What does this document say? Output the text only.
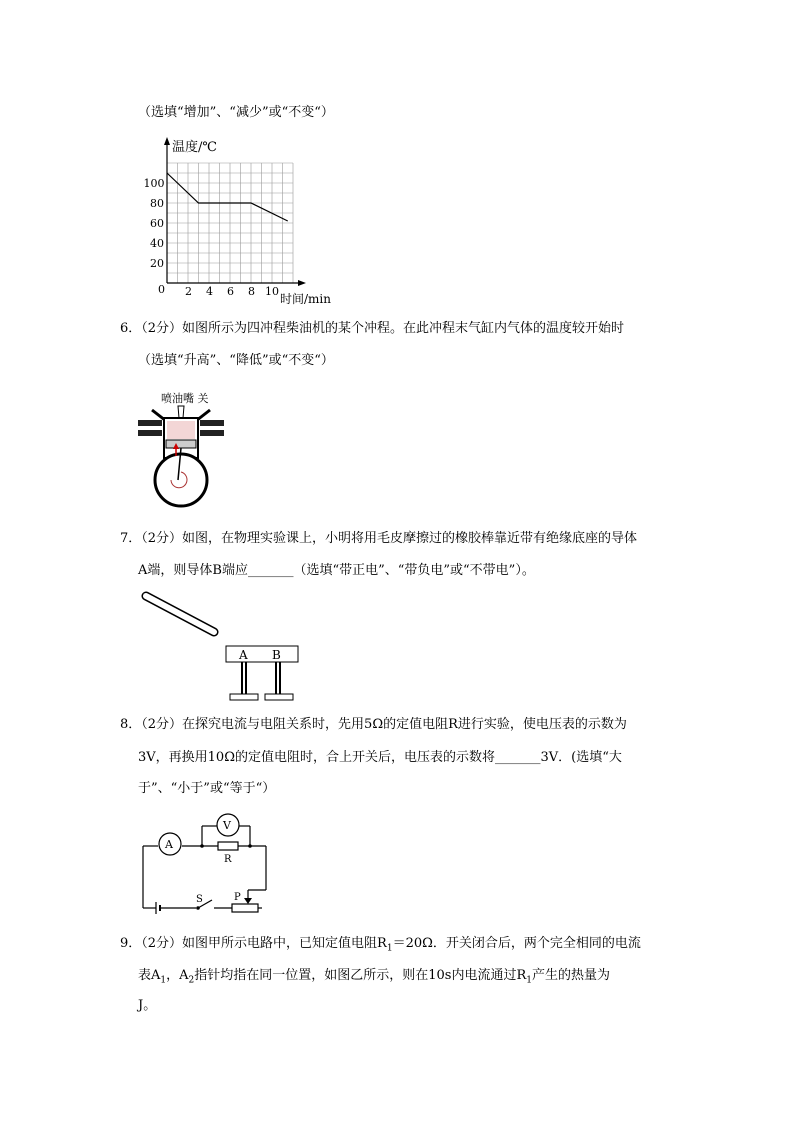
（选填“增加”、“减少”或“不变“）
温度/℃
时间/min
0 2 4 6 8 10
20
40
60
80
100
6．（2分）如图所示为四冲程柴油机的某个冲程。在此冲程末气缸内气体的温度较开始时
（选填“升高”、“降低”或“不变“）
喷油嘴 关
7．（2分）如图，在物理实验课上，小明将用毛皮摩擦过的橡胶棒靠近带有绝缘底座的导体
A端，则导体B端应_______（选填“带正电”、“带负电”或“不带电”）。
A B
8．（2分）在探究电流与电阻关系时，先用5Ω的定值电阻R进行实验，使电压表的示数为
3V，再换用10Ω的定值电阻时，合上开关后，电压表的示数将_______3V．(选填“大
于”、“小于”或“等于“）
A
V
R
S	P
9．（2分）如图甲所示电路中，已知定值电阻$R_1=20\Omega$．开关闭合后，两个完全相同的电流
表$A_1$，$A_2$指针均指在同一位置，如图乙所示，则在10s内电流通过$R_1$产生的热量为
J。
